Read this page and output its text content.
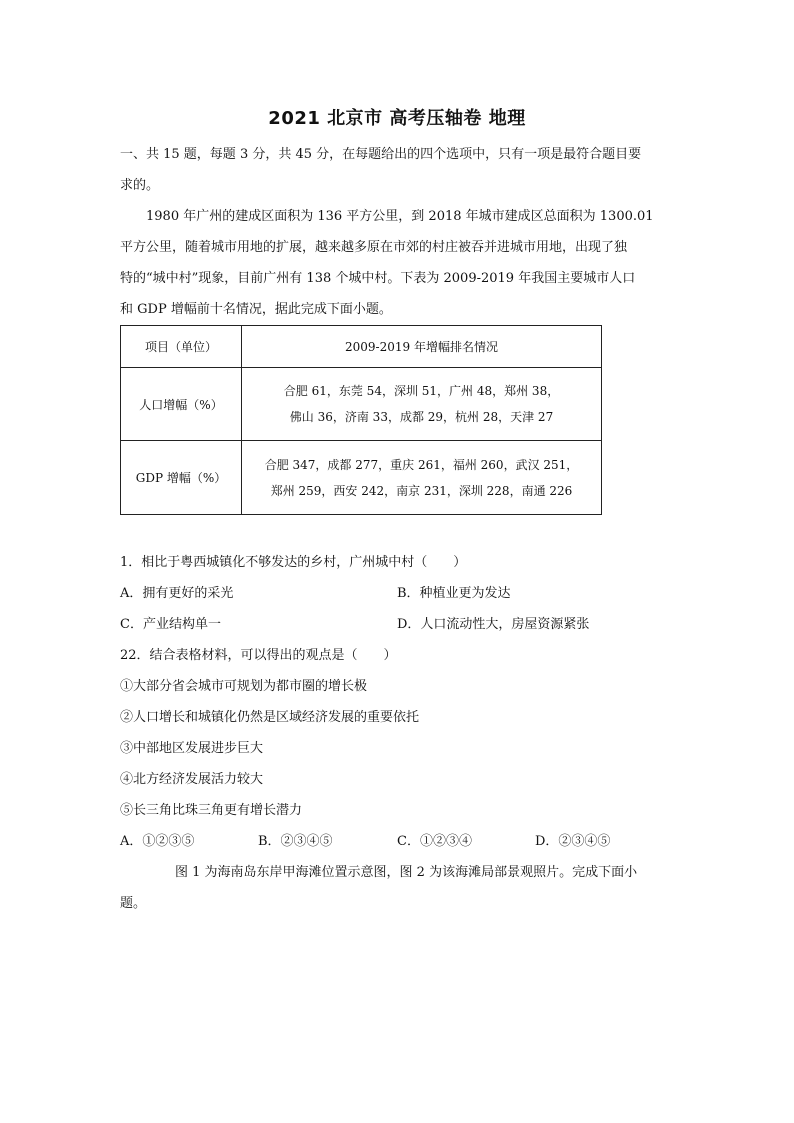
2021 北京市 高考压轴卷 地理
一、共 15 题，每题 3 分，共 45 分，在每题给出的四个选项中，只有一项是最符合题目要
求的。
1980 年广州的建成区面积为 136 平方公里，到 2018 年城市建成区总面积为 1300.01
平方公里，随着城市用地的扩展，越来越多原在市郊的村庄被吞并进城市用地，出现了独
特的“城中村”现象，目前广州有 138 个城中村。下表为 2009-2019 年我国主要城市人口
和 GDP 增幅前十名情况，据此完成下面小题。
项目（单位）	2009-2019 年增幅排名情况
人口增幅（%）	合肥 61，东莞 54，深圳 51，广州 48，郑州 38，
佛山 36，济南 33，成都 29，杭州 28，天津 27

GDP 增幅（%）	合肥 347，成都 277，重庆 261，福州 260，武汉 251，
郑州 259，西安 242，南京 231，深圳 228，南通 226
1．相比于粤西城镇化不够发达的乡村，广州城中村（　　）
A．拥有更好的采光	B．种植业更为发达
C．产业结构单一	D．人口流动性大，房屋资源紧张
22．结合表格材料，可以得出的观点是（　　）
①大部分省会城市可规划为都市圈的增长极
②人口增长和城镇化仍然是区域经济发展的重要依托
③中部地区发展进步巨大
④北方经济发展活力较大
⑤长三角比珠三角更有增长潜力
A．①②③⑤	B．②③④⑤	C．①②③④	D．②③④⑤
图 1 为海南岛东岸甲海滩位置示意图，图 2 为该海滩局部景观照片。完成下面小
题。
